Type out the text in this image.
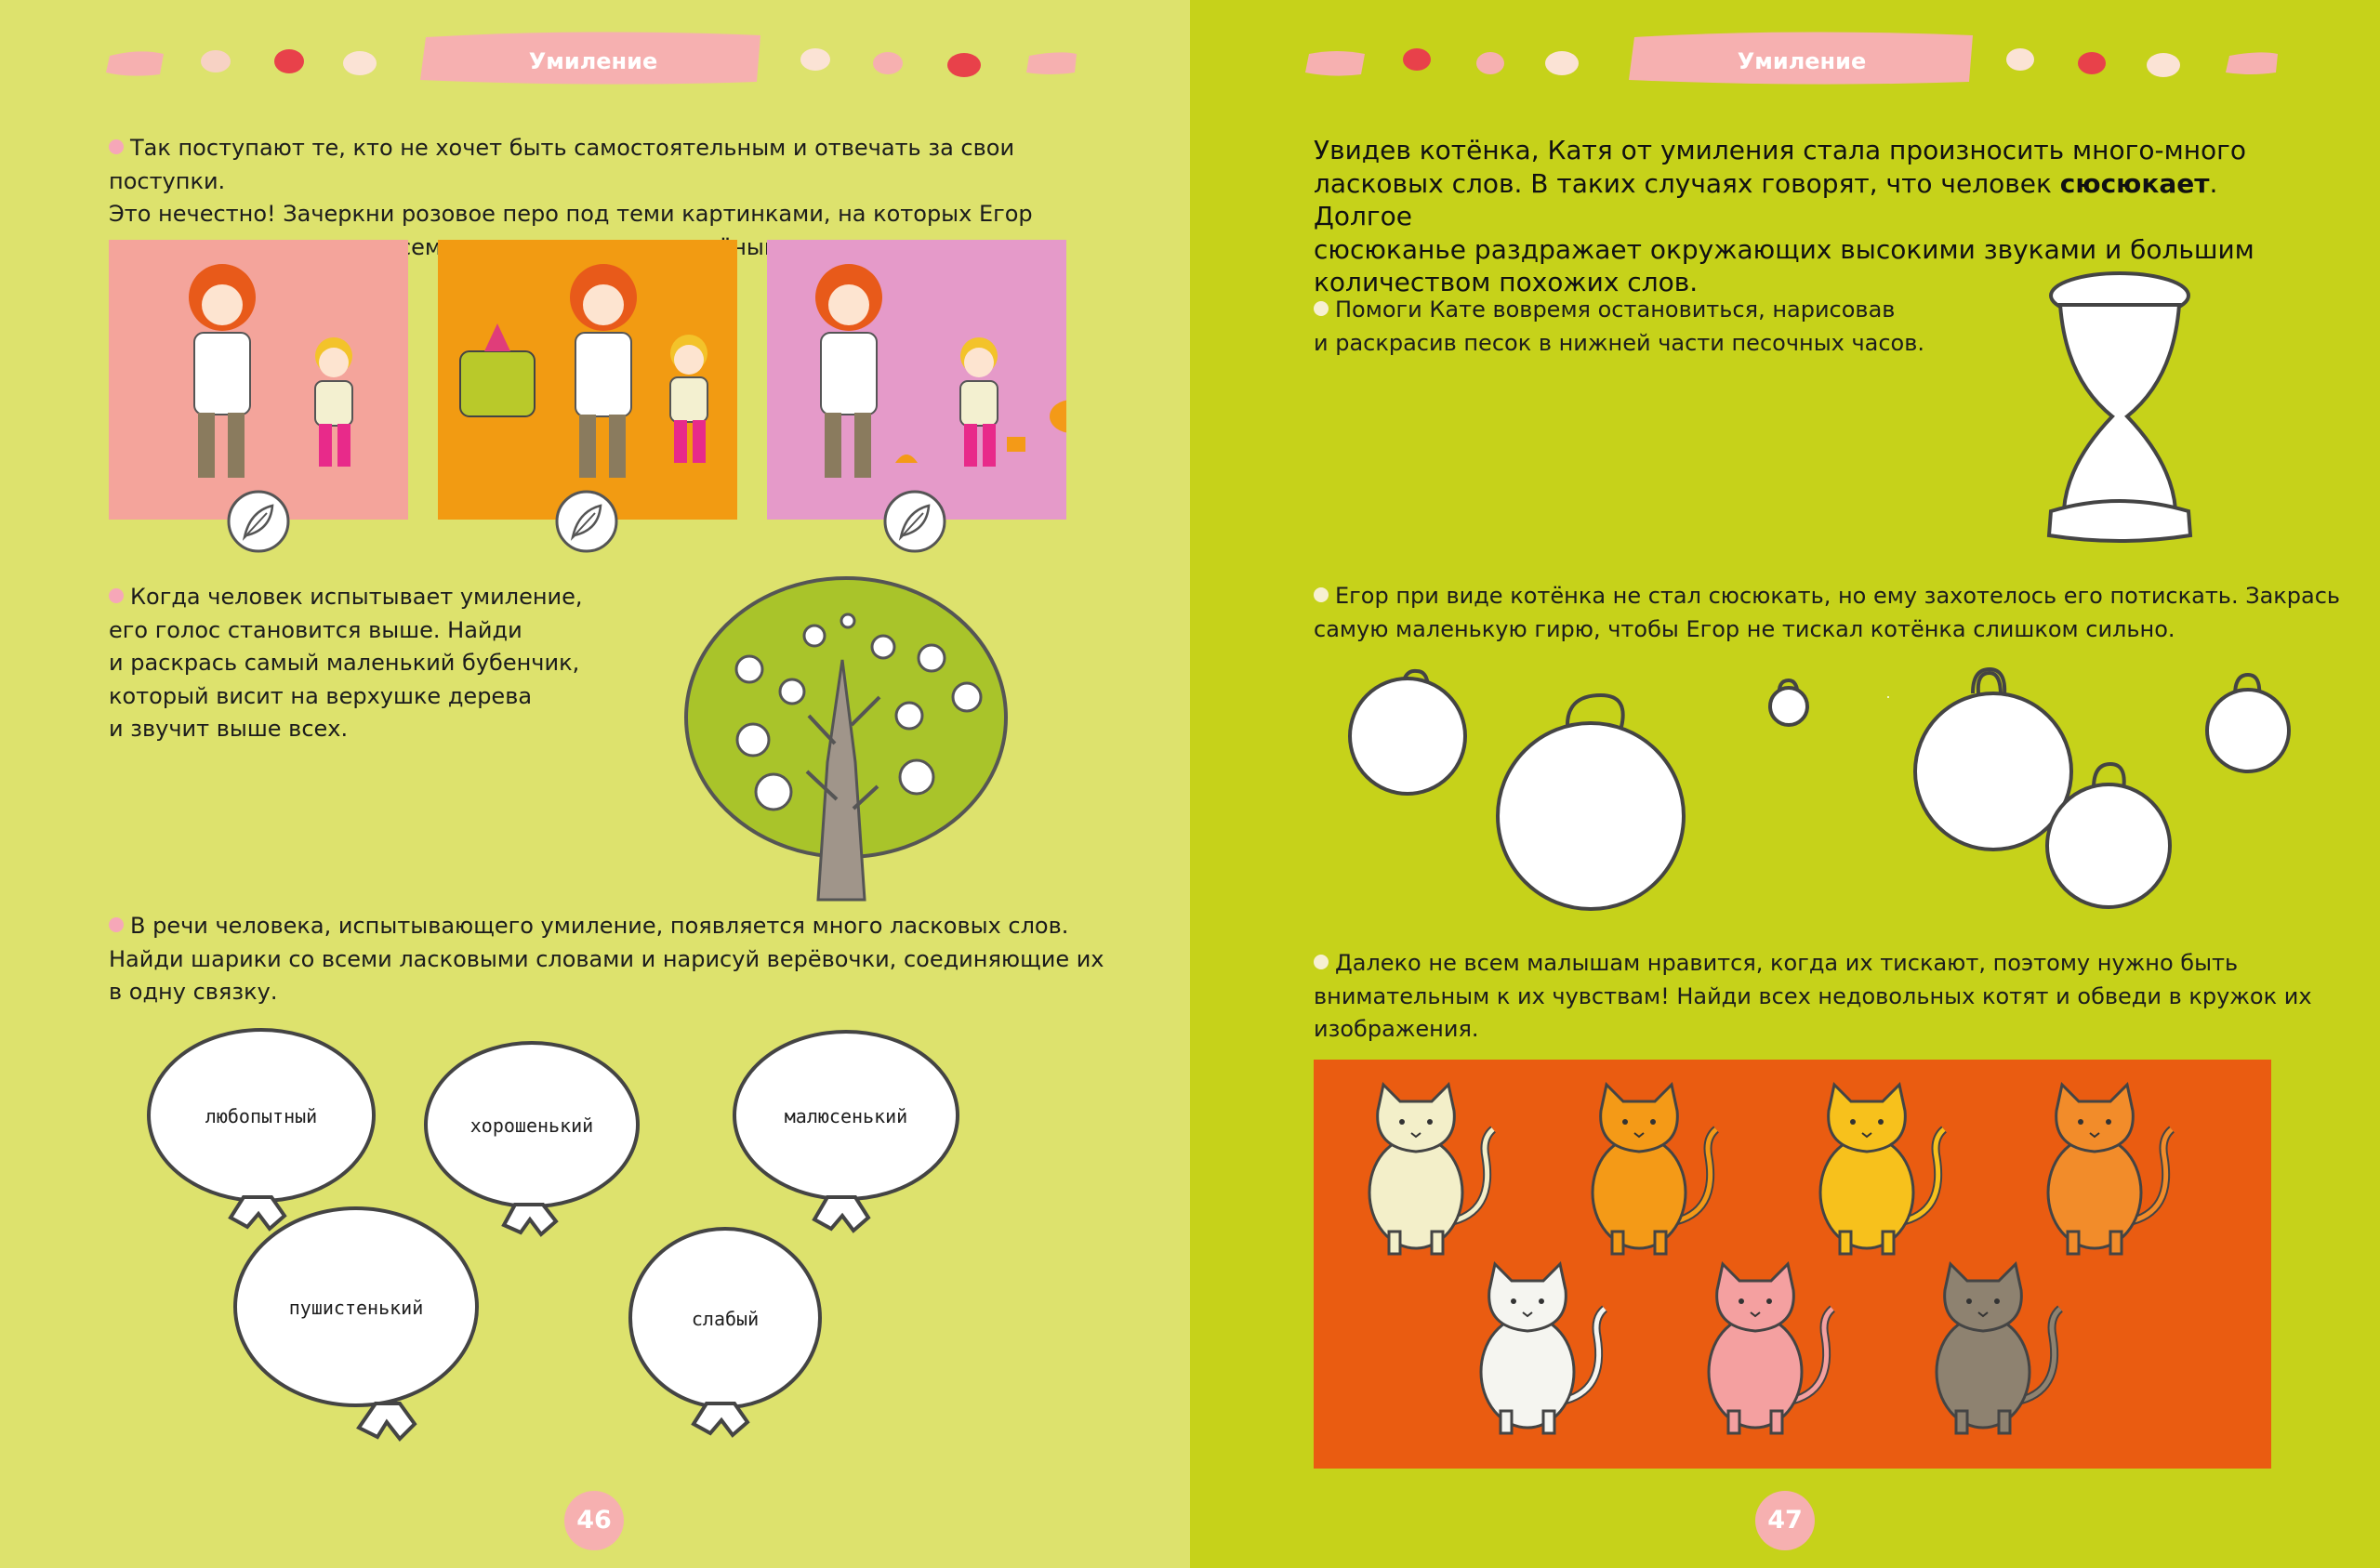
Умиление
Так поступают те, кто не хочет быть самостоятельным и отвечать за свои поступки.
Это нечестно! Зачеркни розовое перо под теми картинками, на которых Егор
Когда человек испытывает умиление,
его голос становится выше. Найди
и раскрась самый маленький бубенчик,
который висит на верхушке дерева
и звучит выше всех.
В речи человека, испытывающего умиление, появляется много ласковых слов.
Найди шарики со всеми ласковыми словами и нарисуй верёвочки, соединяющие их
в одну связку.
любопытный	хорошенький	малюсенький
пушистенький	слабый
46
Умиление
Увидев котёнка, Катя от умиления стала произносить много-много
ласковых слов. В таких случаях говорят, что человек сюсюкает. Долгое
сюсюканье раздражает окружающих высокими звуками и большим
количеством похожих слов.
Помоги Кате вовремя остановиться, нарисовав
и раскрасив песок в нижней части песочных часов.
Егор при виде котёнка не стал сюсюкать, но ему захотелось его потискать. Закрась
самую маленькую гирю, чтобы Егор не тискал котёнка слишком сильно.
Далеко не всем малышам нравится, когда их тискают, поэтому нужно быть
внимательным к их чувствам! Найди всех недовольных котят и обведи в кружок их
изображения.
47
